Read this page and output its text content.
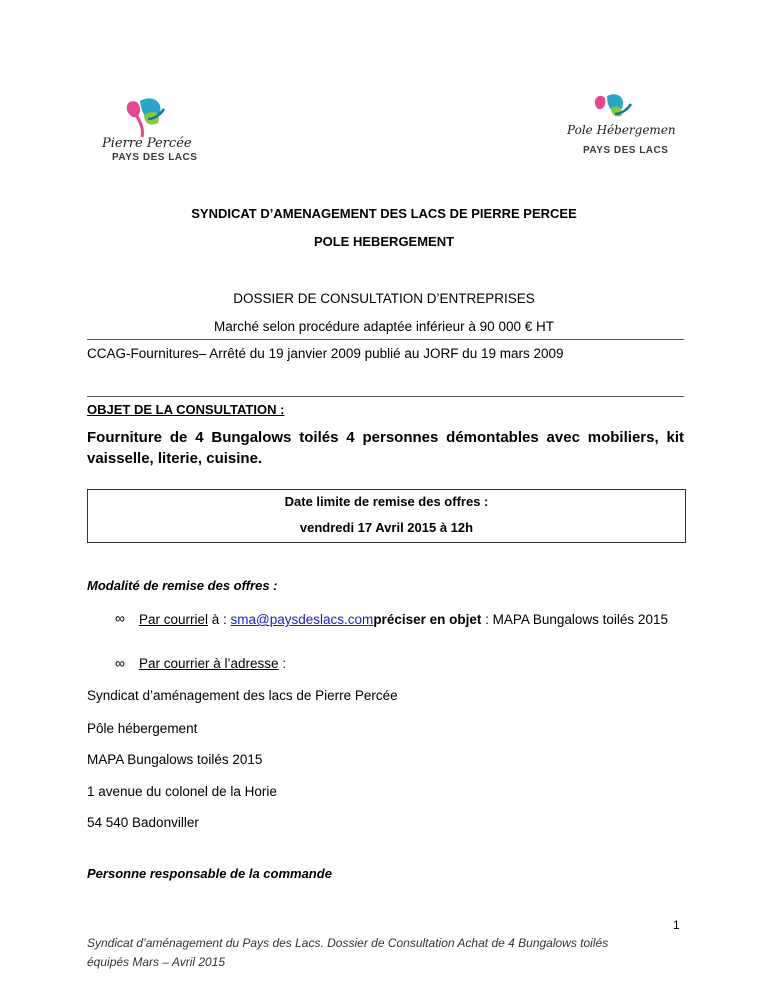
Pierre Percée
PAYS DES LACS
Pole Hébergement
PAYS DES LACS
SYNDICAT D’AMENAGEMENT DES LACS DE PIERRE PERCEE
POLE HEBERGEMENT
DOSSIER DE CONSULTATION D’ENTREPRISES
Marché selon procédure adaptée inférieur à 90 000 € HT
CCAG-Fournitures– Arrêté du 19 janvier 2009 publié au JORF du 19 mars 2009
OBJET DE LA CONSULTATION :
Fourniture de 4 Bungalows toilés 4 personnes démontables avec mobiliers, kit vaisselle, literie, cuisine.
Date limite de remise des offres :
vendredi 17 Avril 2015 à 12h
Modalité de remise des offres :
∞ Par courriel à : sma@paysdeslacs.compréciser en objet : MAPA Bungalows toilés 2015
∞ Par courrier à l’adresse :
Syndicat d’aménagement des lacs de Pierre Percée
Pôle hébergement
MAPA Bungalows toilés 2015
1 avenue du colonel de la Horie
54 540 Badonviller
Personne responsable de la commande
1
Syndicat d’aménagement du Pays des Lacs. Dossier de Consultation Achat de 4 Bungalows toilés
équipés Mars – Avril 2015
